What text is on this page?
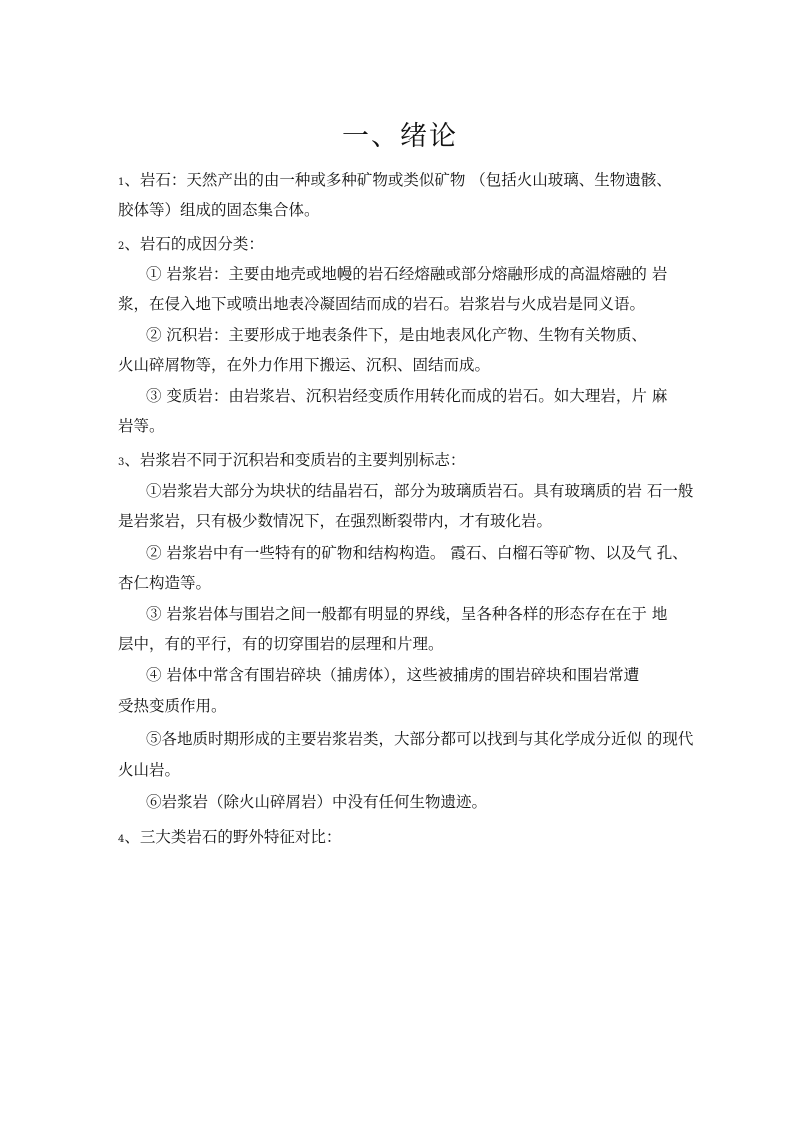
一、绪论
1、岩石：天然产出的由一种或多种矿物或类似矿物 （包括火山玻璃、生物遗骸、
胶体等）组成的固态集合体。
2、岩石的成因分类：
① 岩浆岩：主要由地壳或地幔的岩石经熔融或部分熔融形成的高温熔融的 岩
浆，在侵入地下或喷出地表冷凝固结而成的岩石。岩浆岩与火成岩是同义语。
② 沉积岩：主要形成于地表条件下，是由地表风化产物、生物有关物质、
火山碎屑物等，在外力作用下搬运、沉积、固结而成。
③ 变质岩：由岩浆岩、沉积岩经变质作用转化而成的岩石。如大理岩，片 麻
岩等。
3、岩浆岩不同于沉积岩和变质岩的主要判别标志：
①岩浆岩大部分为块状的结晶岩石，部分为玻璃质岩石。具有玻璃质的岩 石一般
是岩浆岩，只有极少数情况下，在强烈断裂带内，才有玻化岩。
② 岩浆岩中有一些特有的矿物和结构构造。 霞石、白榴石等矿物、以及气 孔、
杏仁构造等。
③ 岩浆岩体与围岩之间一般都有明显的界线，呈各种各样的形态存在在于 地
层中，有的平行，有的切穿围岩的层理和片理。
④ 岩体中常含有围岩碎块（捕虏体），这些被捕虏的围岩碎块和围岩常遭
受热变质作用。
⑤各地质时期形成的主要岩浆岩类，大部分都可以找到与其化学成分近似 的现代
火山岩。
⑥岩浆岩（除火山碎屑岩）中没有任何生物遗迹。
4、三大类岩石的野外特征对比：
